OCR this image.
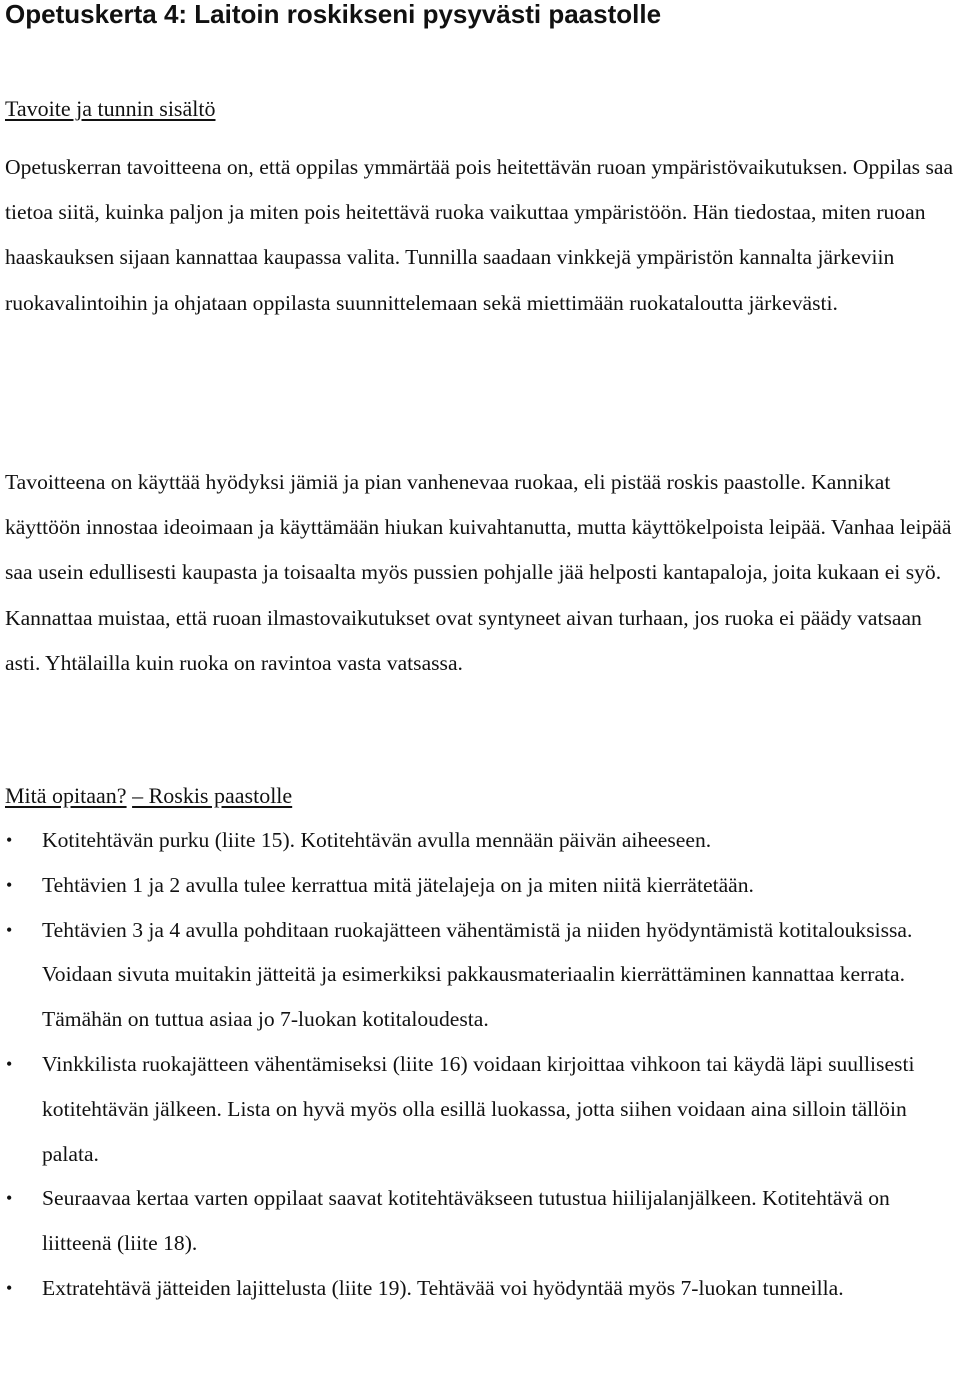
Opetuskerta 4: Laitoin roskikseni pysyvästi paastolle
Tavoite ja tunnin sisältö

Opetuskerran tavoitteena on, että oppilas ymmärtää pois heitettävän ruoan ympäristövaikutuksen. Oppilas saa tietoa siitä, kuinka paljon ja miten pois heitettävä ruoka vaikuttaa ympäristöön. Hän tiedostaa, miten ruoan haaskauksen sijaan kannattaa kaupassa valita. Tunnilla saadaan vinkkejä ympäristön kannalta järkeviin ruokavalintoihin ja ohjataan oppilasta suunnittelemaan sekä miettimään ruokataloutta järkevästi.

Tavoitteena on käyttää hyödyksi jämiä ja pian vanhenevaa ruokaa, eli pistää roskis paastolle. Kannikat käyttöön innostaa ideoimaan ja käyttämään hiukan kuivahtanutta, mutta käyttökelpoista leipää. Vanhaa leipää saa usein edullisesti kaupasta ja toisaalta myös pussien pohjalle jää helposti kantapaloja, joita kukaan ei syö. Kannattaa muistaa, että ruoan ilmastovaikutukset ovat syntyneet aivan turhaan, jos ruoka ei päädy vatsaan asti. Yhtälailla kuin ruoka on ravintoa vasta vatsassa.

Mitä opitaan? – Roskis paastolle
• Kotitehtävän purku (liite 15). Kotitehtävän avulla mennään päivän aiheeseen.
• Tehtävien 1 ja 2 avulla tulee kerrattua mitä jätelajeja on ja miten niitä kierrätetään.
• Tehtävien 3 ja 4 avulla pohditaan ruokajätteen vähentämistä ja niiden hyödyntämistä kotitalouksissa. Voidaan sivuta muitakin jätteitä ja esimerkiksi pakkausmateriaalin kierrättäminen kannattaa kerrata. Tämähän on tuttua asiaa jo 7-luokan kotitaloudesta.
• Vinkkilista ruokajätteen vähentämiseksi (liite 16) voidaan kirjoittaa vihkoon tai käydä läpi suullisesti kotitehtävän jälkeen. Lista on hyvä myös olla esillä luokassa, jotta siihen voidaan aina silloin tällöin palata.
• Seuraavaa kertaa varten oppilaat saavat kotitehtäväkseen tutustua hiilijalanjälkeen. Kotitehtävä on liitteenä (liite 18).
• Extratehtävä jätteiden lajittelusta (liite 19). Tehtävää voi hyödyntää myös 7-luokan tunneilla.
